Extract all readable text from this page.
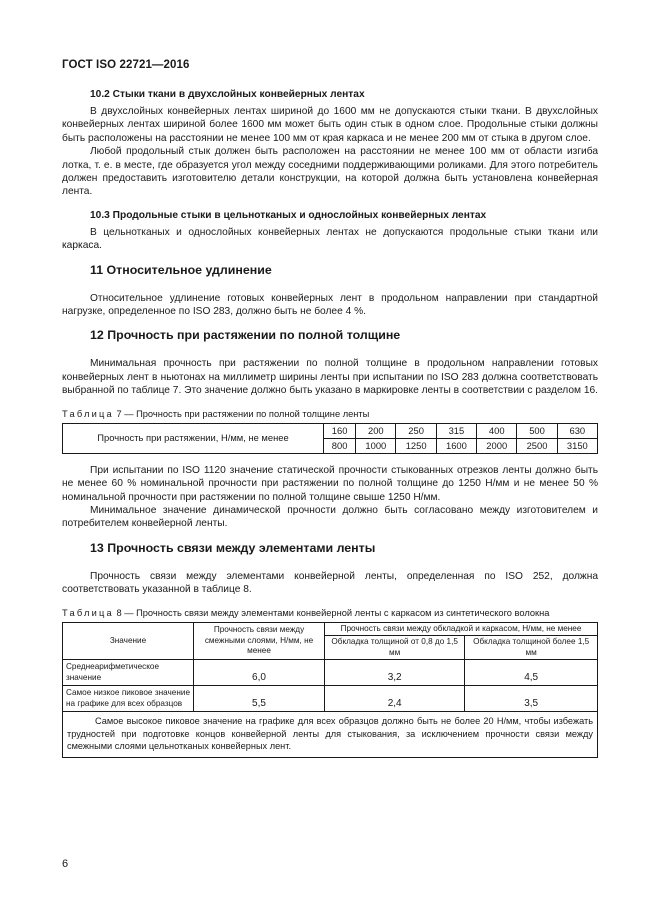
ГОСТ ISO 22721—2016
10.2 Стыки ткани в двухслойных конвейерных лентах

В двухслойных конвейерных лентах шириной до 1600 мм не допускаются стыки ткани. В двухслойных конвейерных лентах шириной более 1600 мм может быть один стык в одном слое. Продольные стыки должны быть расположены на расстоянии не менее 100 мм от края каркаса и не менее 200 мм от стыка в другом слое.

Любой продольный стык должен быть расположен на расстоянии не менее 100 мм от области изгиба лотка, т. е. в месте, где образуется угол между соседними поддерживающими роликами. Для этого потребитель должен предоставить изготовителю детали конструкции, на которой должна быть установлена конвейерная лента.

10.3 Продольные стыки в цельнотканых и однослойных конвейерных лентах

В цельнотканых и однослойных конвейерных лентах не допускаются продольные стыки ткани или каркаса.

11 Относительное удлинение

Относительное удлинение готовых конвейерных лент в продольном направлении при стандартной нагрузке, определенное по ISO 283, должно быть не более 4 %.

12 Прочность при растяжении по полной толщине

Минимальная прочность при растяжении по полной толщине в продольном направлении готовых конвейерных лент в ньютонах на миллиметр ширины ленты при испытании по ISO 283 должна соответствовать выбранной по таблице 7. Это значение должно быть указано в маркировке ленты в соответствии с разделом 16.

Таблица 7 — Прочность при растяжении по полной толщине ленты
Прочность при растяжении, Н/мм, не менее	160	200	250	315	400	500	630
	800	1000	1250	1600	2000	2500	3150

При испытании по ISO 1120 значение статической прочности стыкованных отрезков ленты должно быть не менее 60 % номинальной прочности при растяжении по полной толщине до 1250 Н/мм и не менее 50 % номинальной прочности при растяжении по полной толщине свыше 1250 Н/мм.

Минимальное значение динамической прочности должно быть согласовано между изготовителем и потребителем конвейерной ленты.

13 Прочность связи между элементами ленты

Прочность связи между элементами конвейерной ленты, определенная по ISO 252, должна соответствовать указанной в таблице 8.

Таблица 8 — Прочность связи между элементами конвейерной ленты с каркасом из синтетического волокна
Значение	Прочность связи между смежными слоями, Н/мм, не менее	Прочность связи между обкладкой и каркасом, Н/мм, не менее	
		Обкладка толщиной от 0,8 до 1,5 мм	Обкладка толщиной более 1,5 мм
Среднеарифметическое значение	6,0	3,2	4,5
Самое низкое пиковое значение на графике для всех образцов	5,5	2,4	3,5
Самое высокое пиковое значение на графике для всех образцов должно быть не более 20 Н/мм, чтобы избежать трудностей при подготовке концов конвейерной ленты для стыкования, за исключением прочности связи между смежными слоями цельнотканых конвейерных лент.			
6
